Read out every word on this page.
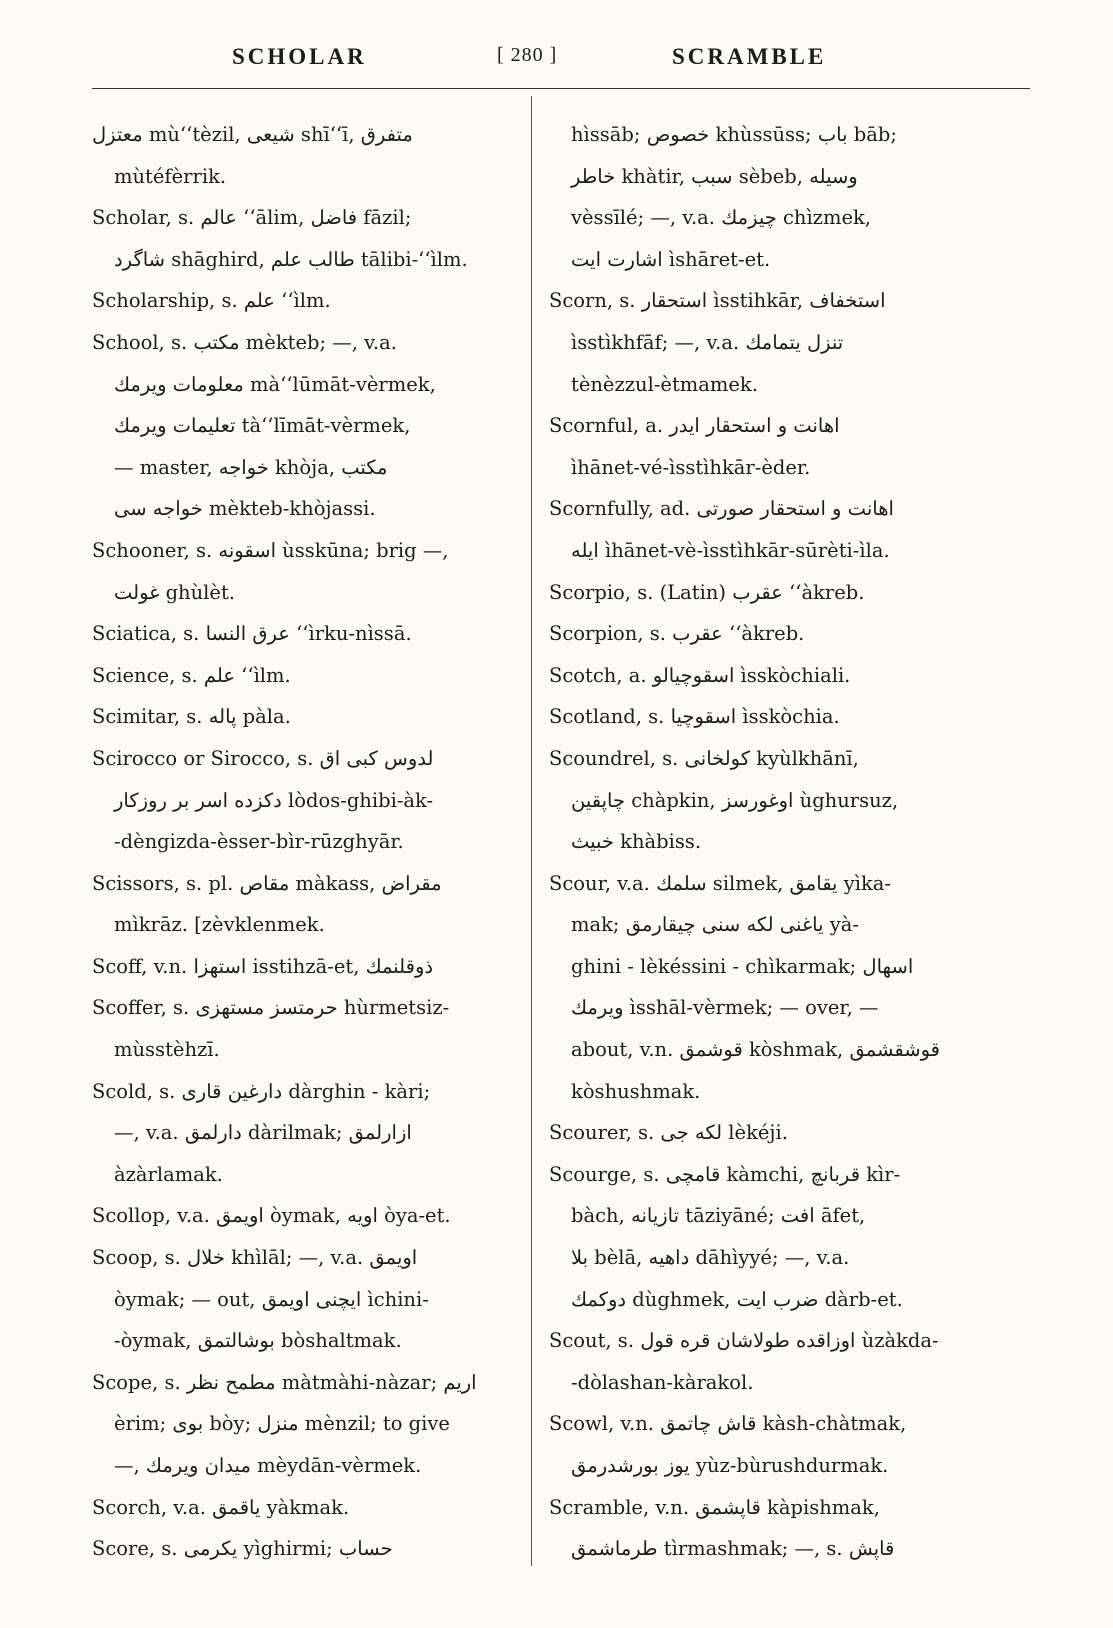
SCHOLAR	[ 280 ]	SCRAMBLE
معتزل mù‘‘tèzil, شیعی shī‘‘ī, متفرق
mùtéfèrrik.
Scholar, s. عالم ‘‘ālim, فاضل fāzil;
شاگرد shāghird, طالب علم tālibi-‘‘ìlm.
Scholarship, s. علم ‘‘ìlm.
School, s. مکتب mèktеb; —, v.a.
معلومات ویرمك mà‘‘lūmāt-vèrmek,
تعلیمات ویرمك tà‘‘līmāt-vèrmek,
— master, خواجه khòja, مکتب
خواجه سی mèktеb-khòjassi.
Schooner, s. اسقونه ùsskūna; brig —,
غولت ghùlèt.
Sciatica, s. عرق النسا ‘‘ìrku-nìssā.
Science, s. علم ‘‘ìlm.
Scimitar, s. پاله pàla.
Scirocco or Sirocco, s. لدوس کبی اق
دکزده اسر بر روزکار lòdos-ghibi-àk-
-dèngizda-èssеr-bìr-rūzghyār.
Scissors, s. pl. مقاص màkass, مقراض
mìkrāz. [zèvklеnmek.
Scoff, v.n. استهزا isstihzā-et, ذوقلنمك
Scoffer, s. حرمتسز مستهزی hùrmetsiz-
mùsstèhzī.
Scold, s. دارغین قاری dàrghin - kàri;
—, v.a. دارلمق dàrilmak; ازارلمق
àzàrlamak.
Scollop, v.a. اویمق òymak, اویه òya-et.
Scoop, s. خلال khìlāl; —, v.a. اویمق
òymak; — out, ایچنی اویمق ìchini-
-òymak, بوشالتمق bòshaltmak.
Scope, s. مطمح نظر màtmàhi-nàzar; اریم
èrim; بوی bòy; منزل mènzil; to give
—, میدان ویرمك mèydān-vèrmek.
Scorch, v.a. یاقمق yàkmak.
Score, s. یکرمی yìghirmi; حساب
hìssāb; خصوص khùssūss; باب bāb;
خاطر khàtir, سبب sèbeb, وسیله
vèssīlé; —, v.a. چیزمك chìzmek,
اشارت ایت ìshāret-et.
Scorn, s. استحقار ìsstihkār, استخفاف
ìsstìkhfāf; —, v.a. تنزل یتمامك
tènèzzul-ètmamek.
Scornful, a. اهانت و استحقار ایدر
ìhānet-vé-ìsstìhkār-èdеr.
Scornfully, ad. اهانت و استحقار صورتی
ایله ìhānet-vè-ìsstìhkār-sūrèti-ìla.
Scorpio, s. (Latin) عقرب ‘‘àkreb.
Scorpion, s. عقرب ‘‘àkreb.
Scotch, a. اسقوچیالو ìsskòchiali.
Scotland, s. اسقوچیا ìsskòchia.
Scoundrel, s. کولخانی kyùlkhānī,
چاپقین chàpkin, اوغورسز ùghursuz,
خبیث khàbiss.
Scour, v.a. سلمك silmek, یقامق yìka-
mak; یاغنی لکه سنی چیقارمق yà-
ghini - lèkéssini - chìkarmak; اسهال
ویرمك ìsshāl-vèrmek; — over, —
about, v.n. قوشمق kòshmak, قوشقشمق
kòshushmak.
Scourer, s. لکه جی lèkéji.
Scourge, s. قامچی kàmchi, قربانچ kìr-
bàch, تازیانه tāziyāné; افت āfet,
بلا bèlā, داهیه dāhìyyé; —, v.a.
دوکمك dùghmek, ضرب ایت dàrb-et.
Scout, s. اوزاقده طولاشان قره قول ùzàkda-
-dòlashan-kàrakol.
Scowl, v.n. قاش چاتمق kàsh-chàtmak,
یوز بورشدرمق yùz-bùrushdurmak.
Scramble, v.n. قاپشمق kàpishmak,
طرماشمق tìrmashmak; —, s. قاپش
